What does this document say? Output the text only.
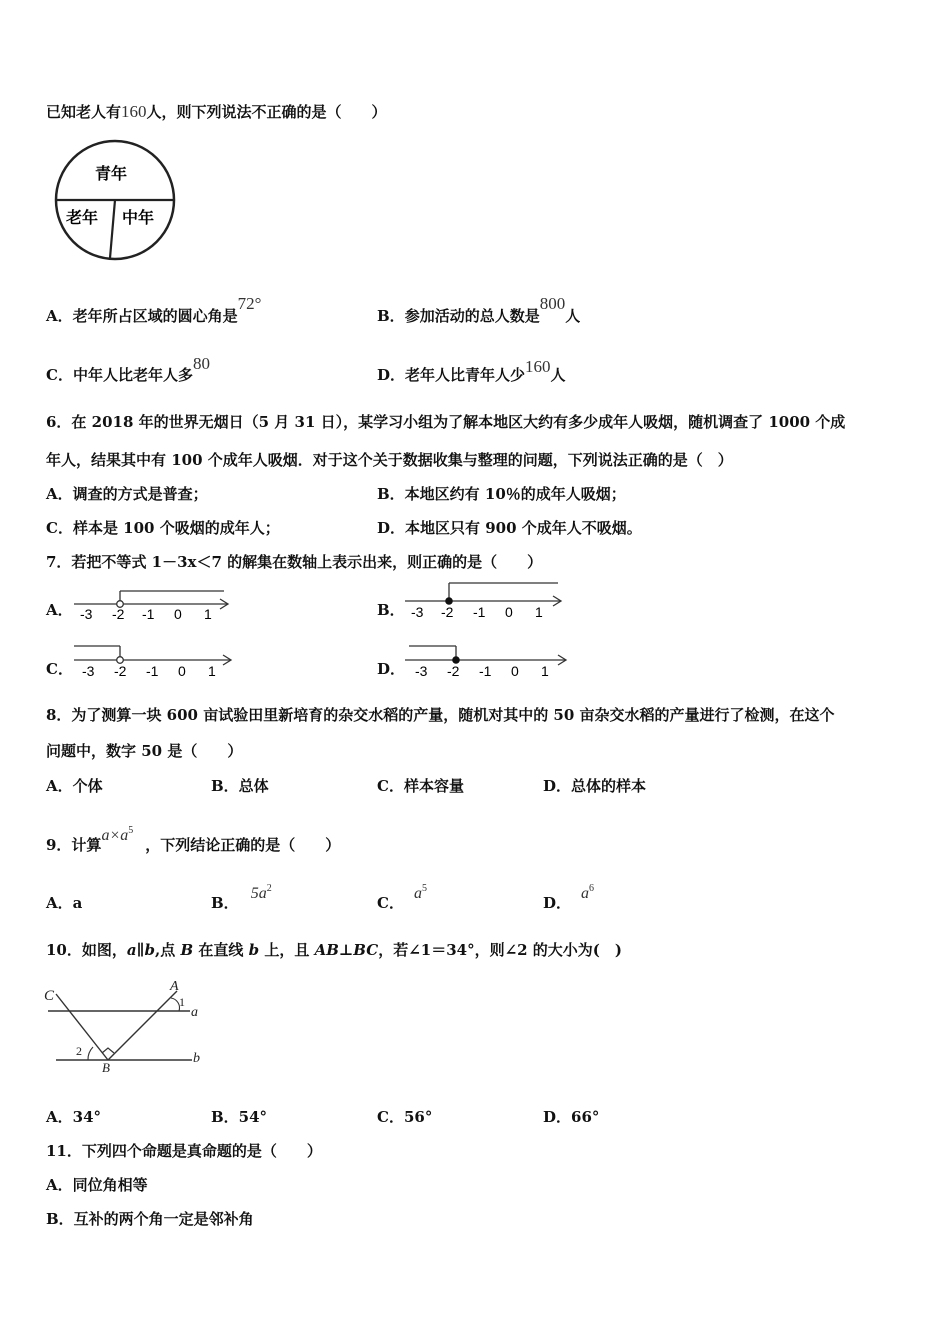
已知老人有160人，则下列说法不正确的是（　　）
青年
老年 中年
A．老年所占区域的圆心角是72°
B．参加活动的总人数是800人
C．中年人比老年人多80
D．老年人比青年人少160人
6．在 2018 年的世界无烟日（5 月 31 日），某学习小组为了解本地区大约有多少成年人吸烟，随机调查了 1000 个成
年人，结果其中有 100 个成年人吸烟．对于这个关于数据收集与整理的问题，下列说法正确的是（　）
A．调查的方式是普查；	B．本地区约有 10％的成年人吸烟；
C．样本是 100 个吸烟的成年人；	D．本地区只有 900 个成年人不吸烟。
7．若把不等式 1－3x＜7 的解集在数轴上表示出来，则正确的是（　　）
A． -3 -2 -1 0 1	B． -3 -2 -1 0 1
C． -3 -2 -1 0 1	D． -3 -2 -1 0 1
8．为了测算一块 600 亩试验田里新培育的杂交水稻的产量，随机对其中的 50 亩杂交水稻的产量进行了检测，在这个
问题中，数字 50 是（　　）
A．个体	B．总体	C．样本容量	D．总体的样本
9．计算$a\times a^5$，下列结论正确的是（　　）
A．a	B．$5a^2$
C．$a^5$
D．$a^6$
10．如图，a∥b,点 B 在直线 b 上，且 AB⊥BC，若∠1＝34°，则∠2 的大小为(　)
C
A
1
a
2	b
B
A．34°	B．54°	C．56°	D．66°
11．下列四个命题是真命题的是（　　）
A．同位角相等
B．互补的两个角一定是邻补角
